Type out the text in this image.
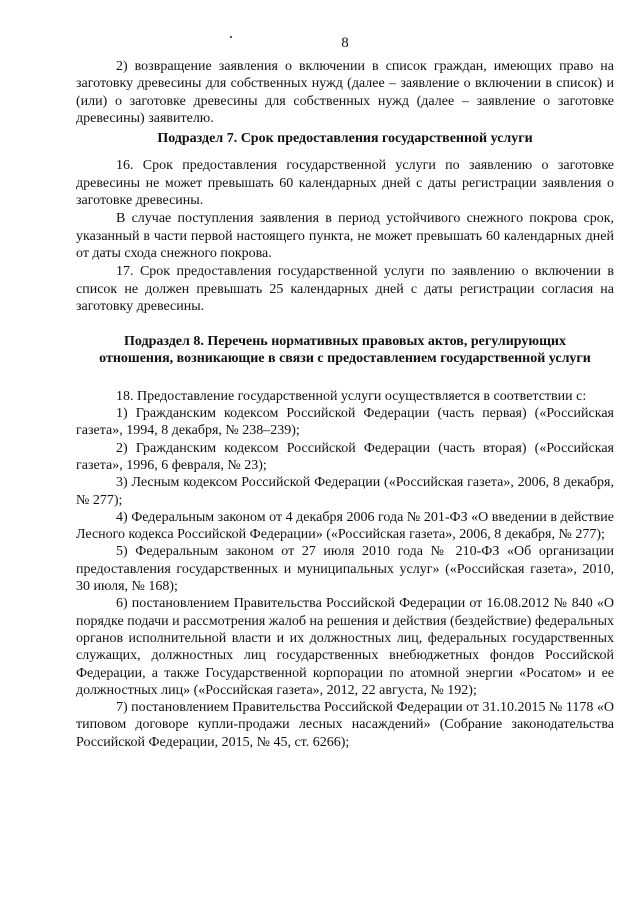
8

2) возвращение заявления о включении в список граждан, имеющих право на заготовку древесины для собственных нужд (далее – заявление о включении в список) и (или) о заготовке древесины для собственных нужд (далее – заявление о заготовке древесины) заявителю.

Подраздел 7. Срок предоставления государственной услуги

16. Срок предоставления государственной услуги по заявлению о заготовке древесины не может превышать 60 календарных дней с даты регистрации заявления о заготовке древесины.

В случае поступления заявления в период устойчивого снежного покрова срок, указанный в части первой настоящего пункта, не может превышать 60 календарных дней от даты схода снежного покрова.

17. Срок предоставления государственной услуги по заявлению о включении в список не должен превышать 25 календарных дней с даты регистрации согласия на заготовку древесины.

Подраздел 8. Перечень нормативных правовых актов, регулирующих отношения, возникающие в связи с предоставлением государственной услуги

18. Предоставление государственной услуги осуществляется в соответствии с:

1) Гражданским кодексом Российской Федерации (часть первая) («Российская газета», 1994, 8 декабря, № 238–239);

2) Гражданским кодексом Российской Федерации (часть вторая) («Российская газета», 1996, 6 февраля, № 23);

3) Лесным кодексом Российской Федерации («Российская газета», 2006, 8 декабря, № 277);

4) Федеральным законом от 4 декабря 2006 года № 201-ФЗ «О введении в действие Лесного кодекса Российской Федерации» («Российская газета», 2006, 8 декабря, № 277);

5) Федеральным законом от 27 июля 2010 года № 210-ФЗ «Об организации предоставления государственных и муниципальных услуг» («Российская газета», 2010, 30 июля, № 168);

6) постановлением Правительства Российской Федерации от 16.08.2012 № 840 «О порядке подачи и рассмотрения жалоб на решения и действия (бездействие) федеральных органов исполнительной власти и их должностных лиц, федеральных государственных служащих, должностных лиц государственных внебюджетных фондов Российской Федерации, а также Государственной корпорации по атомной энергии «Росатом» и ее должностных лиц» («Российская газета», 2012, 22 августа, № 192);

7) постановлением Правительства Российской Федерации от 31.10.2015 № 1178 «О типовом договоре купли-продажи лесных насаждений» (Собрание законодательства Российской Федерации, 2015, № 45, ст. 6266);
